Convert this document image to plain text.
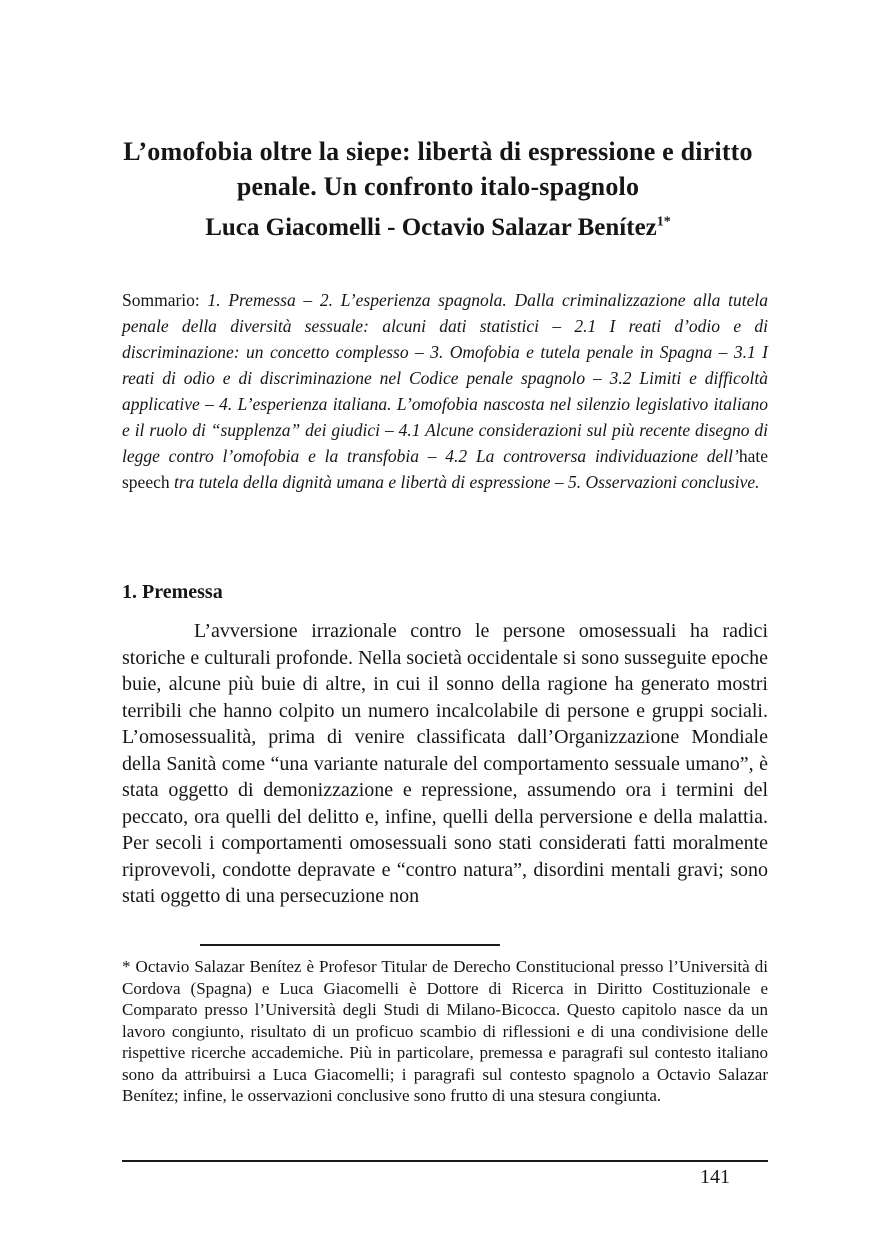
L’omofobia oltre la siepe: libertà di espressione e diritto penale. Un confronto italo-spagnolo
Luca Giacomelli - Octavio Salazar Benítez$^{1*}$

Sommario: 1. Premessa – 2. L’esperienza spagnola. Dalla criminalizzazione alla tutela penale della diversità sessuale: alcuni dati statistici – 2.1 I reati d’odio e di discriminazione: un concetto complesso – 3. Omofobia e tutela penale in Spagna – 3.1 I reati di odio e di discriminazione nel Codice penale spagnolo – 3.2 Limiti e difficoltà applicative – 4. L’esperienza italiana. L’omofobia nascosta nel silenzio legislativo italiano e il ruolo di “supplenza” dei giudici – 4.1 Alcune considerazioni sul più recente disegno di legge contro l’omofobia e la transfobia – 4.2 La controversa individuazione dell’hate speech tra tutela della dignità umana e libertà di espressione – 5. Osservazioni conclusive.

1. Premessa

L’avversione irrazionale contro le persone omosessuali ha radici storiche e culturali profonde. Nella società occidentale si sono susseguite epoche buie, alcune più buie di altre, in cui il sonno della ragione ha generato mostri terribili che hanno colpito un numero incalcolabile di persone e gruppi sociali. L’omosessualità, prima di venire classificata dall’Organizzazione Mondiale della Sanità come “una variante naturale del comportamento sessuale umano”, è stata oggetto di demonizzazione e repressione, assumendo ora i termini del peccato, ora quelli del delitto e, infine, quelli della perversione e della malattia. Per secoli i comportamenti omosessuali sono stati considerati fatti moralmente riprovevoli, condotte depravate e “contro natura”, disordini mentali gravi; sono stati oggetto di una persecuzione non

* Octavio Salazar Benítez è Profesor Titular de Derecho Constitucional presso l’Università di Cordova (Spagna) e Luca Giacomelli è Dottore di Ricerca in Diritto Costituzionale e Comparato presso l’Università degli Studi di Milano-Bicocca. Questo capitolo nasce da un lavoro congiunto, risultato di un proficuo scambio di riflessioni e di una condivisione delle rispettive ricerche accademiche. Più in particolare, premessa e paragrafi sul contesto italiano sono da attribuirsi a Luca Giacomelli; i paragrafi sul contesto spagnolo a Octavio Salazar Benítez; infine, le osservazioni conclusive sono frutto di una stesura congiunta.

141
